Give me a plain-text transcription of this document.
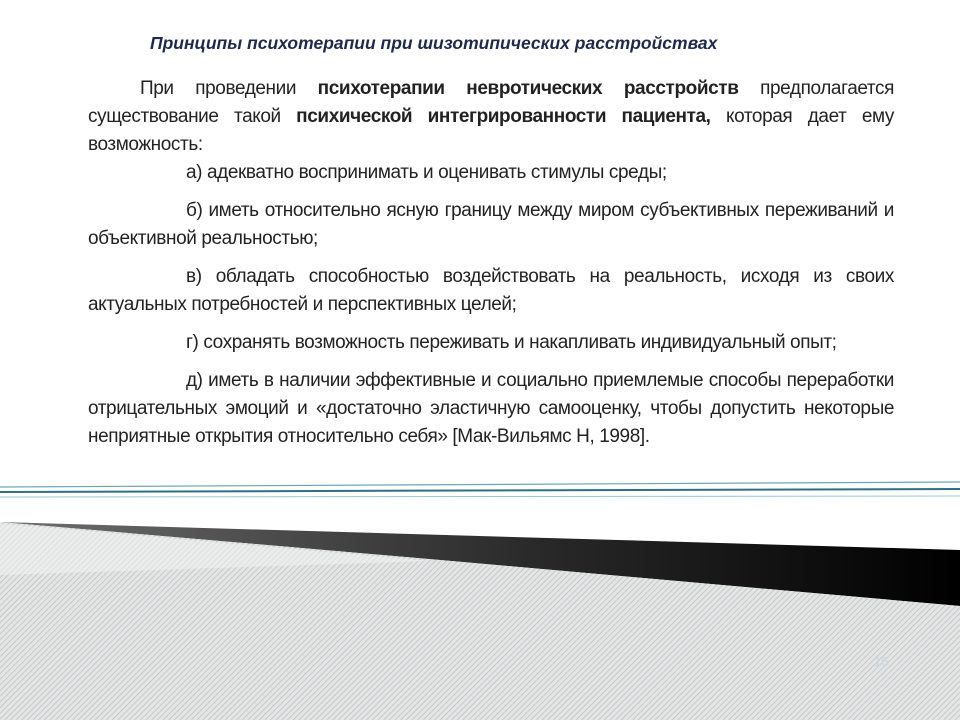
Принципы психотерапии при шизотипических расстройствах

При проведении психотерапии невротических расстройств предполагается существование такой психической интегрированности пациента, которая дает ему возможность:

а) адекватно воспринимать и оценивать стимулы среды;

б) иметь относительно ясную границу между миром субъективных переживаний и объективной реальностью;

в) обладать способностью воздействовать на реальность, исходя из своих актуальных потребностей и перспективных целей;

г) сохранять возможность переживать и накапливать индивидуальный опыт;

д) иметь в наличии эффективные и социально приемлемые способы переработки отрицательных эмоций и «достаточно эластичную самооценку, чтобы допустить некоторые неприятные открытия относительно себя» [Мак-Вильямс Н, 1998].

16
